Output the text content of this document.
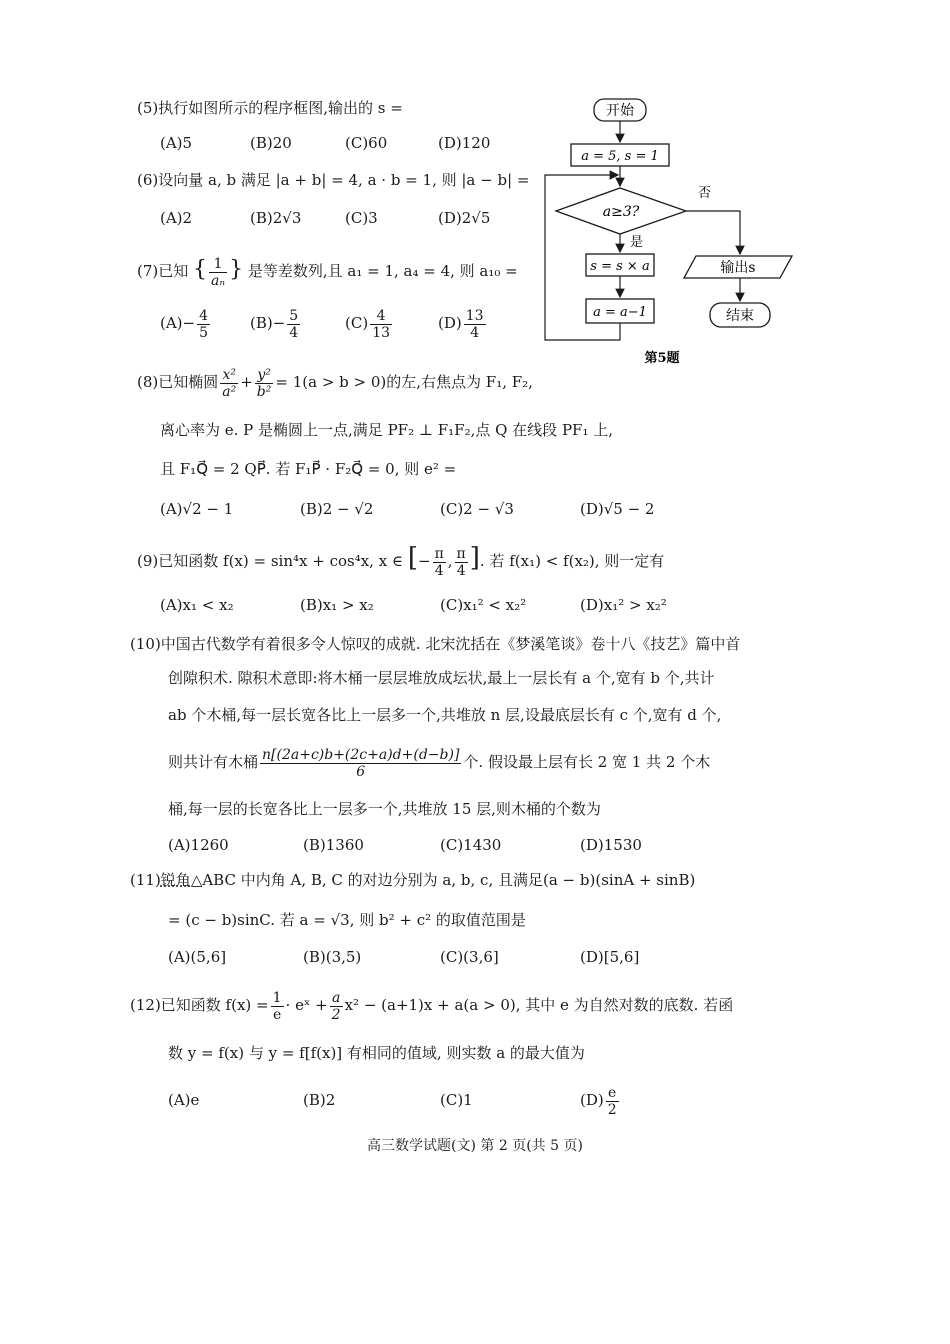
(5)执行如图所示的程序框图,输出的 s =
(A)5	(B)20	(C)60	(D)120
开始
a = 5, s = 1
a≥3?
是
s = s × a
a = a−1
否
输出s
结束
第5题
(6)设向量 a, b 满足 |a + b| = 4, a · b = 1, 则 |a − b| =
(A)2	(B)2√3	(C)3	(D)2√5
(7)已知 { $\frac{1}{\text{aₙ}}$ } 是等差数列,且 a₁ = 1, a₄ = 4, 则 a₁₀ =
$(A)- \frac{4}{5}$	$(B)- \frac{5}{4}$	$(C) \frac{4}{13}$	$(D) \frac{13}{4}$
(8)已知椭圆 $\frac{\text{x²}}{\text{a²}} + \frac{\text{y²}}{\text{b²}} = 1(a > b > 0)$的左,右焦点为 F₁, F₂,
离心率为 e. P 是椭圆上一点,满足 PF₂ ⊥ F₁F₂,点 Q 在线段 PF₁ 上,
且 F₁Q⃗ = 2 QP⃗. 若 F₁P⃗ · F₂Q⃗ = 0, 则 e² =
(A)√2 − 1	(B)2 − √2	(C)2 − √3	(D)√5 − 2
(9)已知函数 f(x) = sin⁴x + cos⁴x, x ∈ [− $\frac{\pi}{4}$ , $\frac{\pi}{4}$ ]. 若 f(x₁) < f(x₂), 则一定有
(A)x₁ < x₂	(B)x₁ > x₂	(C)x₁² < x₂²	(D)x₁² > x₂²
(10)中国古代数学有着很多令人惊叹的成就. 北宋沈括在《梦溪笔谈》卷十八《技艺》篇中首
创隙积术. 隙积术意即:将木桶一层层堆放成坛状,最上一层长有 a 个,宽有 b 个,共计
ab 个木桶,每一层长宽各比上一层多一个,共堆放 n 层,设最底层长有 c 个,宽有 d 个,
则共计有木桶 $\frac{n[(2a+c)b+(2c+a)d+(d-b)]}{6}$ 个. 假设最上层有长 2 宽 1 共 2 个木
桶,每一层的长宽各比上一层多一个,共堆放 15 层,则木桶的个数为
(A)1260	(B)1360	(C)1430	(D)1530
(11)锐角△ABC 中内角 A, B, C 的对边分别为 a, b, c, 且满足(a − b)(sinA + sinB)
= (c − b)sinC. 若 a = √3, 则 b² + c² 的取值范围是
(A)(5,6]	(B)(3,5)	(C)(3,6]	(D)[5,6]
(12)已知函数 $f(x) = \frac{1}{e}$ · eˣ + $\frac{a}{2} x^2 - (a+1)x + a(a > 0)$, 其中 e 为自然对数的底数. 若函
数 y = f(x) 与 y = f[f(x)] 有相同的值域, 则实数 a 的最大值为
(A)e	(B)2	(C)1	$(D) \frac{e}{2}$
高三数学试题(文) 第 2 页(共 5 页)
